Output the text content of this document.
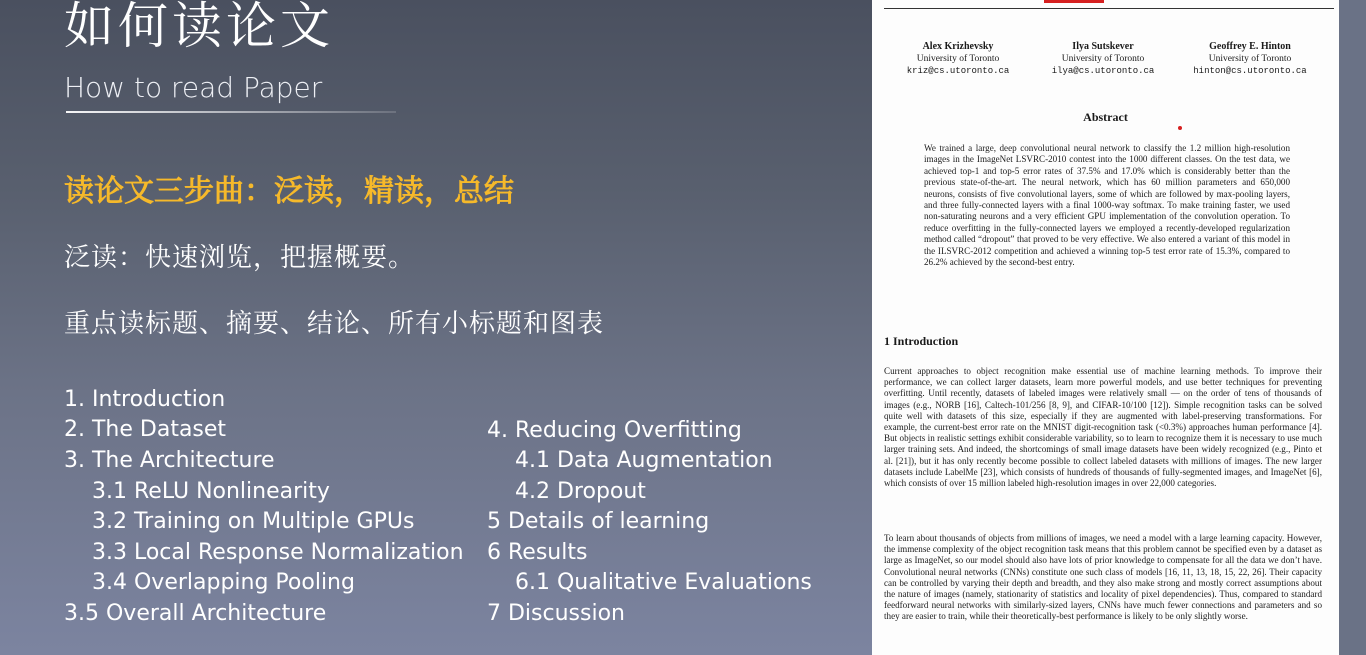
如何读论文
How to read Paper
读论文三步曲：泛读，精读，总结
泛读：快速浏览，把握概要。
重点读标题、摘要、结论、所有小标题和图表
1. Introduction
2. The Dataset
3. The Architecture
3.1 ReLU Nonlinearity
3.2 Training on Multiple GPUs
3.3 Local Response Normalization
3.4 Overlapping Pooling
3.5 Overall Architecture
4. Reducing Overfitting
4.1 Data Augmentation
4.2 Dropout
5 Details of learning
6 Results
6.1 Qualitative Evaluations
7 Discussion
Alex Krizhevsky
University of Toronto
kriz@cs.utoronto.ca
Ilya Sutskever
University of Toronto
ilya@cs.utoronto.ca
Geoffrey E. Hinton
University of Toronto
hinton@cs.utoronto.ca
Abstract

We trained a large, deep convolutional neural network to classify the 1.2 million high-resolution images in the ImageNet LSVRC-2010 contest into the 1000 different classes. On the test data, we achieved top-1 and top-5 error rates of 37.5% and 17.0% which is considerably better than the previous state-of-the-art. The neural network, which has 60 million parameters and 650,000 neurons, consists of five convolutional layers, some of which are followed by max-pooling layers, and three fully-connected layers with a final 1000-way softmax. To make training faster, we used non-saturating neurons and a very efficient GPU implementation of the convolution operation. To reduce overfitting in the fully-connected layers we employed a recently-developed regularization method called “dropout” that proved to be very effective. We also entered a variant of this model in the ILSVRC-2012 competition and achieved a winning top-5 test error rate of 15.3%, compared to 26.2% achieved by the second-best entry.

1 Introduction

Current approaches to object recognition make essential use of machine learning methods. To improve their performance, we can collect larger datasets, learn more powerful models, and use better techniques for preventing overfitting. Until recently, datasets of labeled images were relatively small — on the order of tens of thousands of images (e.g., NORB [16], Caltech-101/256 [8, 9], and CIFAR-10/100 [12]). Simple recognition tasks can be solved quite well with datasets of this size, especially if they are augmented with label-preserving transformations. For example, the current-best error rate on the MNIST digit-recognition task (<0.3%) approaches human performance [4]. But objects in realistic settings exhibit considerable variability, so to learn to recognize them it is necessary to use much larger training sets. And indeed, the shortcomings of small image datasets have been widely recognized (e.g., Pinto et al. [21]), but it has only recently become possible to collect labeled datasets with millions of images. The new larger datasets include LabelMe [23], which consists of hundreds of thousands of fully-segmented images, and ImageNet [6], which consists of over 15 million labeled high-resolution images in over 22,000 categories.

To learn about thousands of objects from millions of images, we need a model with a large learning capacity. However, the immense complexity of the object recognition task means that this problem cannot be specified even by a dataset as large as ImageNet, so our model should also have lots of prior knowledge to compensate for all the data we don’t have. Convolutional neural networks (CNNs) constitute one such class of models [16, 11, 13, 18, 15, 22, 26]. Their capacity can be controlled by varying their depth and breadth, and they also make strong and mostly correct assumptions about the nature of images (namely, stationarity of statistics and locality of pixel dependencies). Thus, compared to standard feedforward neural networks with similarly-sized layers, CNNs have much fewer connections and parameters and so they are easier to train, while their theoretically-best performance is likely to be only slightly worse.
